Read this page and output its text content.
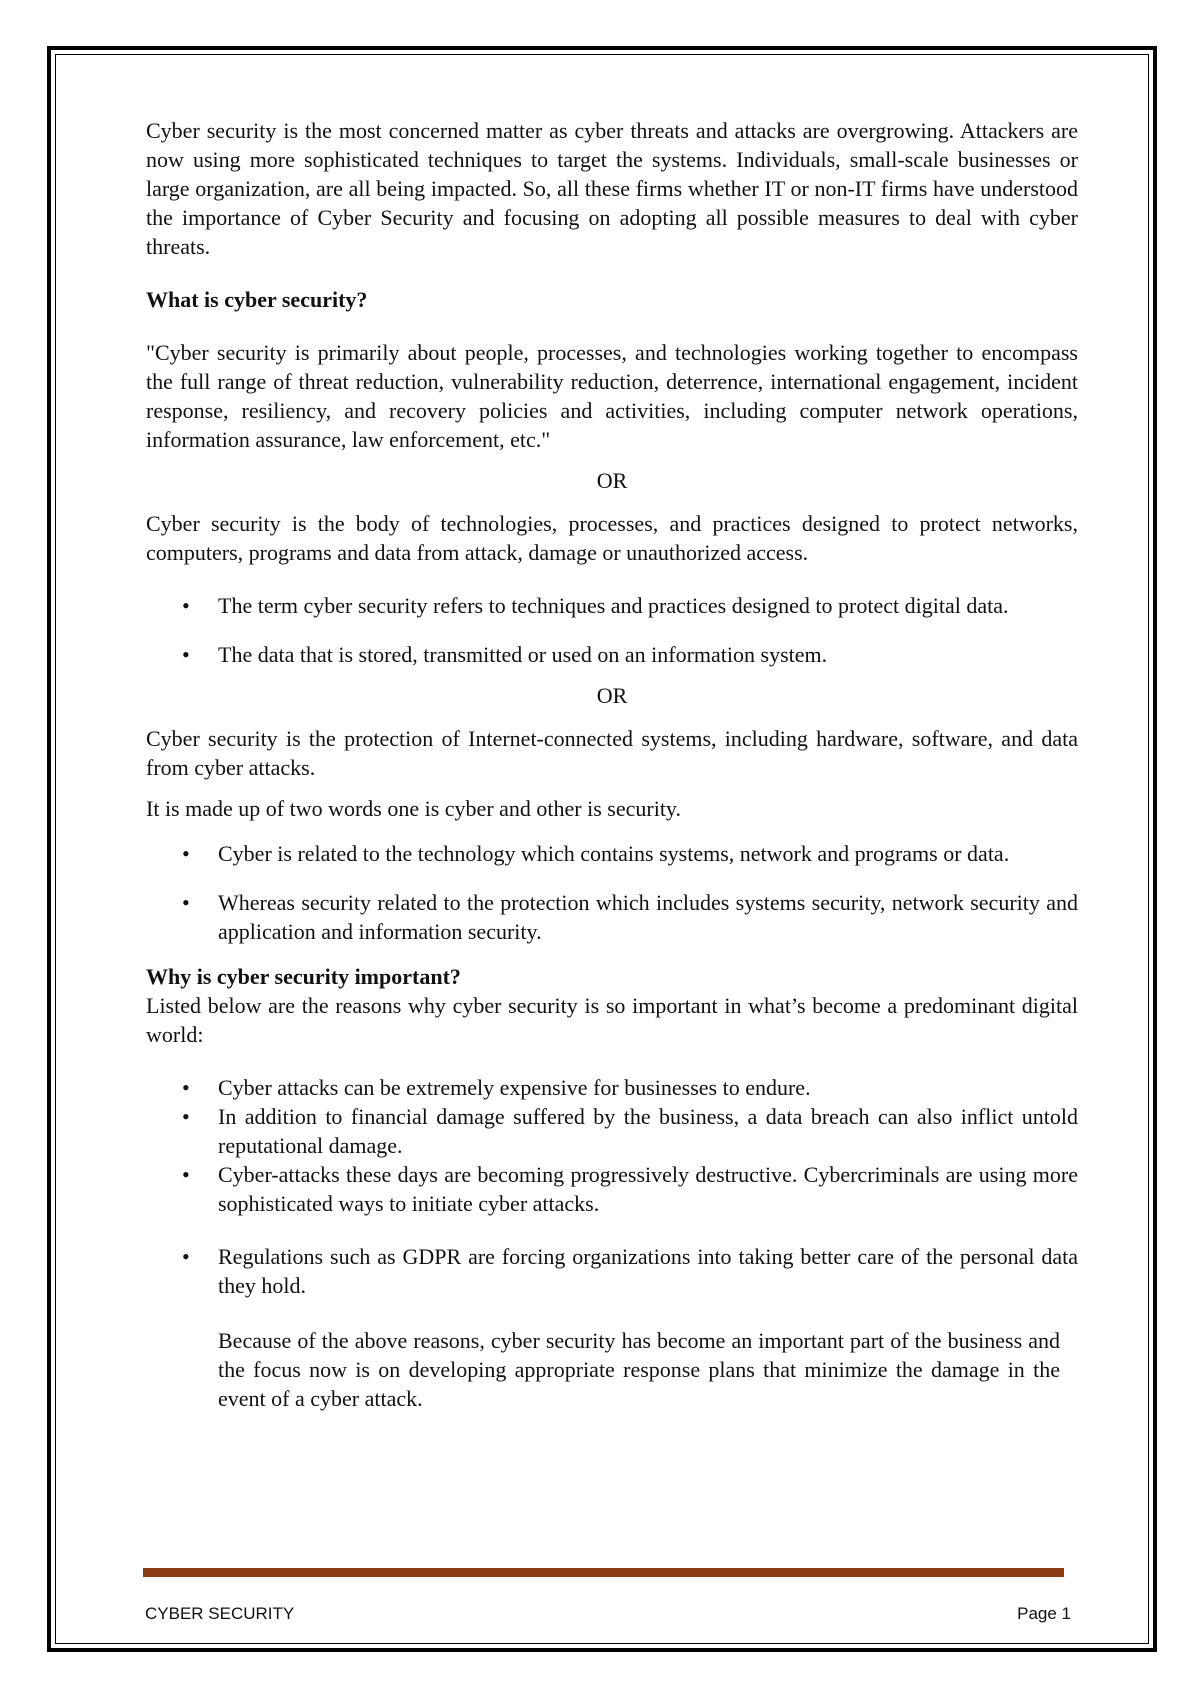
Cyber security is the most concerned matter as cyber threats and attacks are overgrowing. Attackers are now using more sophisticated techniques to target the systems. Individuals, small-scale businesses or large organization, are all being impacted. So, all these firms whether IT or non-IT firms have understood the importance of Cyber Security and focusing on adopting all possible measures to deal with cyber threats.

What is cyber security?

"Cyber security is primarily about people, processes, and technologies working together to encompass the full range of threat reduction, vulnerability reduction, deterrence, international engagement, incident response, resiliency, and recovery policies and activities, including computer network operations, information assurance, law enforcement, etc."

OR

Cyber security is the body of technologies, processes, and practices designed to protect networks, computers, programs and data from attack, damage or unauthorized access.

• The term cyber security refers to techniques and practices designed to protect digital data.
• The data that is stored, transmitted or used on an information system.

OR

Cyber security is the protection of Internet-connected systems, including hardware, software, and data from cyber attacks.

It is made up of two words one is cyber and other is security.

• Cyber is related to the technology which contains systems, network and programs or data.
• Whereas security related to the protection which includes systems security, network security and application and information security.
Why is cyber security important?

Listed below are the reasons why cyber security is so important in what’s become a predominant digital world:

• Cyber attacks can be extremely expensive for businesses to endure.
• In addition to financial damage suffered by the business, a data breach can also inflict untold reputational damage.
• Cyber-attacks these days are becoming progressively destructive. Cybercriminals are using more sophisticated ways to initiate cyber attacks.
• Regulations such as GDPR are forcing organizations into taking better care of the personal data they hold.

Because of the above reasons, cyber security has become an important part of the business and the focus now is on developing appropriate response plans that minimize the damage in the event of a cyber attack.

CYBER SECURITY	Page 1
